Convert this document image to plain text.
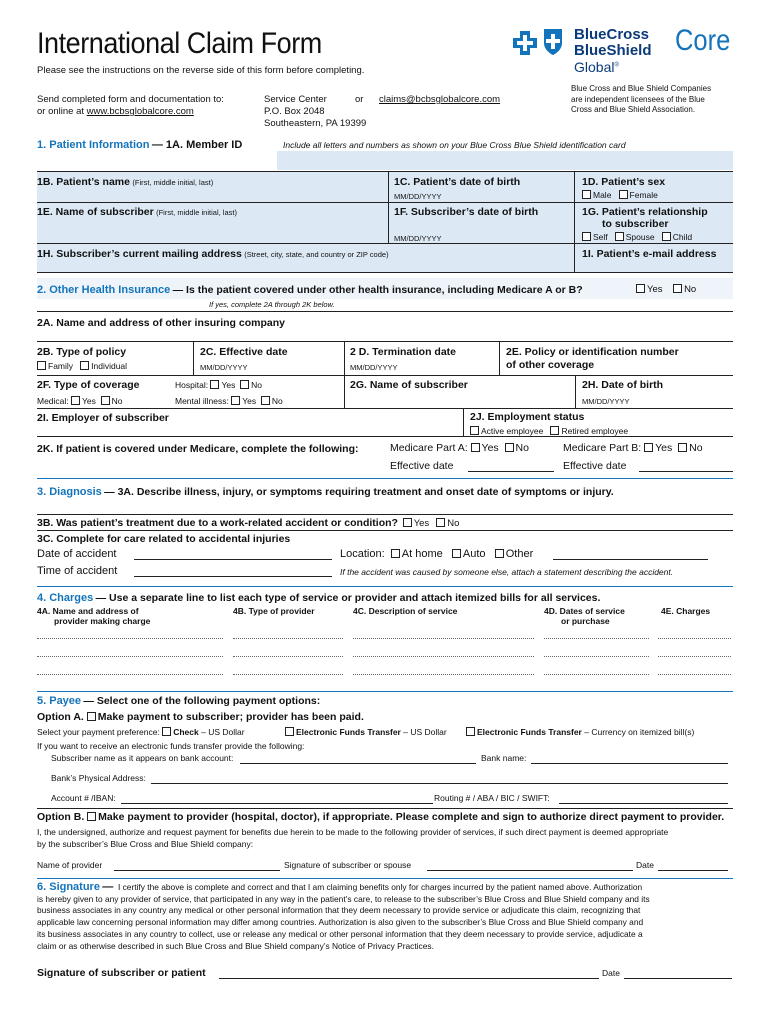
International Claim Form
Please see the instructions on the reverse side of this form before completing.
Send completed form and documentation to:
or online at www.bcbsglobalcore.com
Service Center
P.O. Box 2048
Southeastern, PA 19399
or claims@bcbsglobalcore.com
BlueCross
BlueShield
Global®
Core
Blue Cross and Blue Shield Companies
are independent licensees of the Blue
Cross and Blue Shield Association.
1. Patient Information — 1A. Member ID	Include all letters and numbers as shown on your Blue Cross Blue Shield identification card
1B. Patient’s name (First, middle initial, last)	1C. Patient’s date of birth
MM/DD/YYYY
1D. Patient’s sex
Male Female
1E. Name of subscriber (First, middle initial, last)	1F. Subscriber’s date of birth
MM/DD/YYYY
1G. Patient’s relationship
to subscriber
Self Spouse Child
1H. Subscriber’s current mailing address (Street, city, state, and country or ZIP code)	1I. Patient’s e-mail address
2. Other Health Insurance — Is the patient covered under other health insurance, including Medicare A or B?	Yes No
If yes, complete 2A through 2K below.
2A. Name and address of other insuring company
2B. Type of policy
Family Individual
2C. Effective date
MM/DD/YYYY
2 D. Termination date
MM/DD/YYYY
2E. Policy or identification number
of other coverage
2F. Type of coverage	Hospital: Yes No
Medical: Yes No	Mental illness: Yes No
2G. Name of subscriber	2H. Date of birth
MM/DD/YYYY
2I. Employer of subscriber	2J. Employment status
Active employee Retired employee
2K. If patient is covered under Medicare, complete the following:	Medicare Part A: Yes No	Medicare Part B: Yes No
Effective date	Effective date
3. Diagnosis — 3A. Describe illness, injury, or symptoms requiring treatment and onset date of symptoms or injury.
3B. Was patient’s treatment due to a work-related accident or condition? Yes No
3C. Complete for care related to accidental injuries
Date of accident	Location: At home Auto Other
Time of accident	If the accident was caused by someone else, attach a statement describing the accident.
4. Charges — Use a separate line to list each type of service or provider and attach itemized bills for all services.
4A. Name and address of
provider making charge
4B. Type of provider	4C. Description of service	4D. Dates of service
or purchase
4E. Charges
5. Payee — Select one of the following payment options:
Option A. Make payment to subscriber; provider has been paid.
Select your payment preference: Check – US Dollar	Electronic Funds Transfer – US Dollar	Electronic Funds Transfer – Currency on itemized bill(s)
If you want to receive an electronic funds transfer provide the following:
Subscriber name as it appears on bank account:	Bank name:
Bank’s Physical Address:
Account # /IBAN:	Routing # / ABA / BIC / SWIFT:
Option B. Make payment to provider (hospital, doctor), if appropriate. Please complete and sign to authorize direct payment to provider.
I, the undersigned, authorize and request payment for benefits due herein to be made to the following provider of services, if such direct payment is deemed appropriate
by the subscriber’s Blue Cross and Blue Shield company:
Name of provider	Signature of subscriber or spouse	Date
6. Signature — I certify the above is complete and correct and that I am claiming benefits only for charges incurred by the patient named above. Authorization
is hereby given to any provider of service, that participated in any way in the patient’s care, to release to the subscriber’s Blue Cross and Blue Shield company and its
business associates in any country any medical or other personal information that they deem necessary to provide service or adjudicate this claim, recognizing that
applicable law concerning personal information may differ among countries. Authorization is also given to the subscriber’s Blue Cross and Blue Shield company and
its business associates in any country to collect, use or release any medical or other personal information that they deem necessary to provide service, adjudicate a
claim or as otherwise described in such Blue Cross and Blue Shield company’s Notice of Privacy Practices.
Signature of subscriber or patient	Date
